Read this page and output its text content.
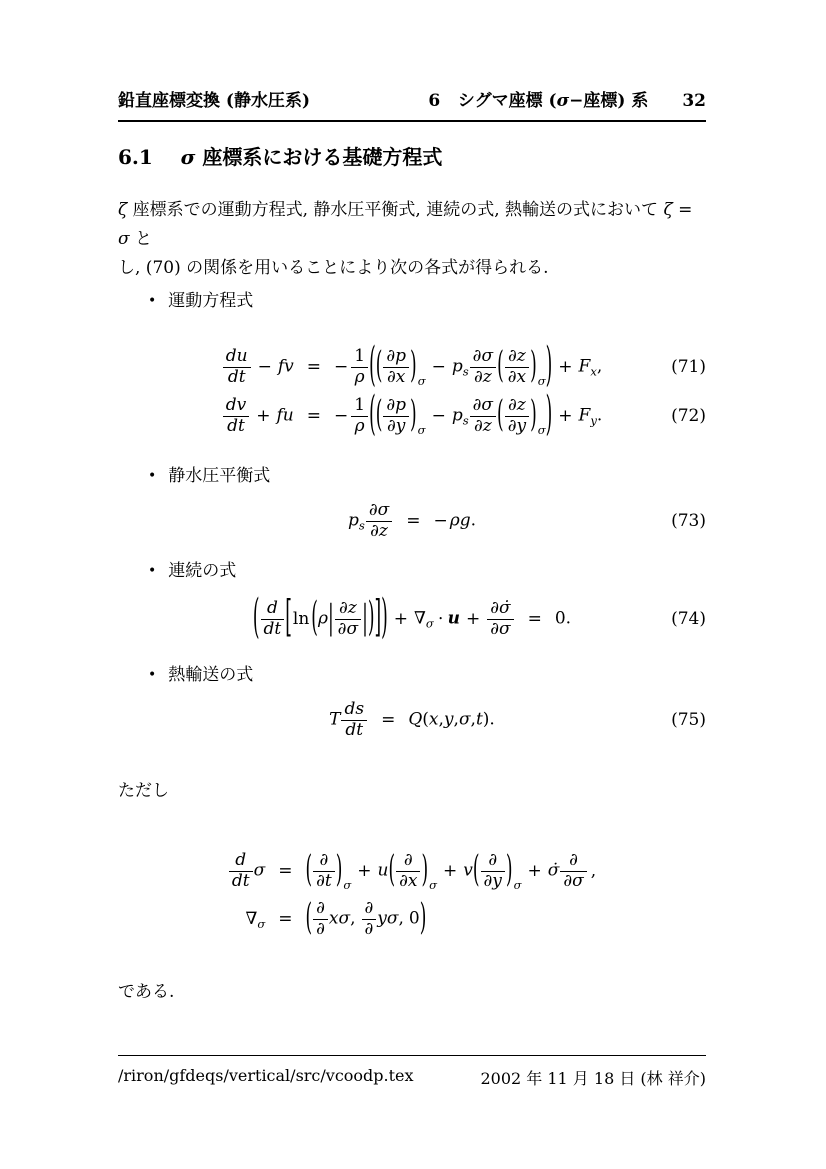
鉛直座標変換 (静水圧系)	6   シグマ座標 (σ−座標) 系 32
6.1    σ 座標系における基礎方程式
ζ 座標系での運動方程式, 静水圧平衡式, 連続の式, 熱輸送の式において ζ = σ と
し, (70) の関係を用いることにより次の各式が得られる.
• 運動方程式
$\frac{du}{dt}$ − fv = − $\frac{1}{\rho}$ (( $\frac{\partial p}{\partial x} )_\sigma- p_s \frac{\partial\sigma}{\partial z}$ ( $\frac{\partial z}{\partial x} )_\sigma) + F_x$,	(71)
$\frac{dv}{dt}$ + fu = − $\frac{1}{\rho}$ (( $\frac{\partial p}{\partial y} )_\sigma- p_s \frac{\partial\sigma}{\partial z}$ ( $\frac{\partial z}{\partial y} )_\sigma) + F_y$.	(72)
• 静水圧平衡式
$p_s \frac{\partial\sigma}{\partial z}$ = − ρg.	(73)
• 連続の式
( $\frac{d}{dt} [\ln$ ($\rho| \frac{\partial z}{\partial\sigma}$ |)]) + $\nabla_\sigma \cdot u + \frac{\partial\sigmȧ}{\partial\sigma} = 0$.	(74)
• 熱輸送の式
T $\frac{ds}{dt} = Q(x,y,\sigma,t)$.	(75)
ただし
$\frac{d}{dt}$ σ = ( ∂
∂t )$_\sigma+ u$( ∂
∂x )$_\sigma+ v$( ∂
∂y )$_\sigma+$ σ̇
∂
∂σ ,
$\nabla_\sigma$ = ( ∂
∂ xσ,
∂
∂ yσ, 0)
である.
/riron/gfdeqs/vertical/src/vcoodp.tex	2002 年 11 月 18 日 (林 祥介)
